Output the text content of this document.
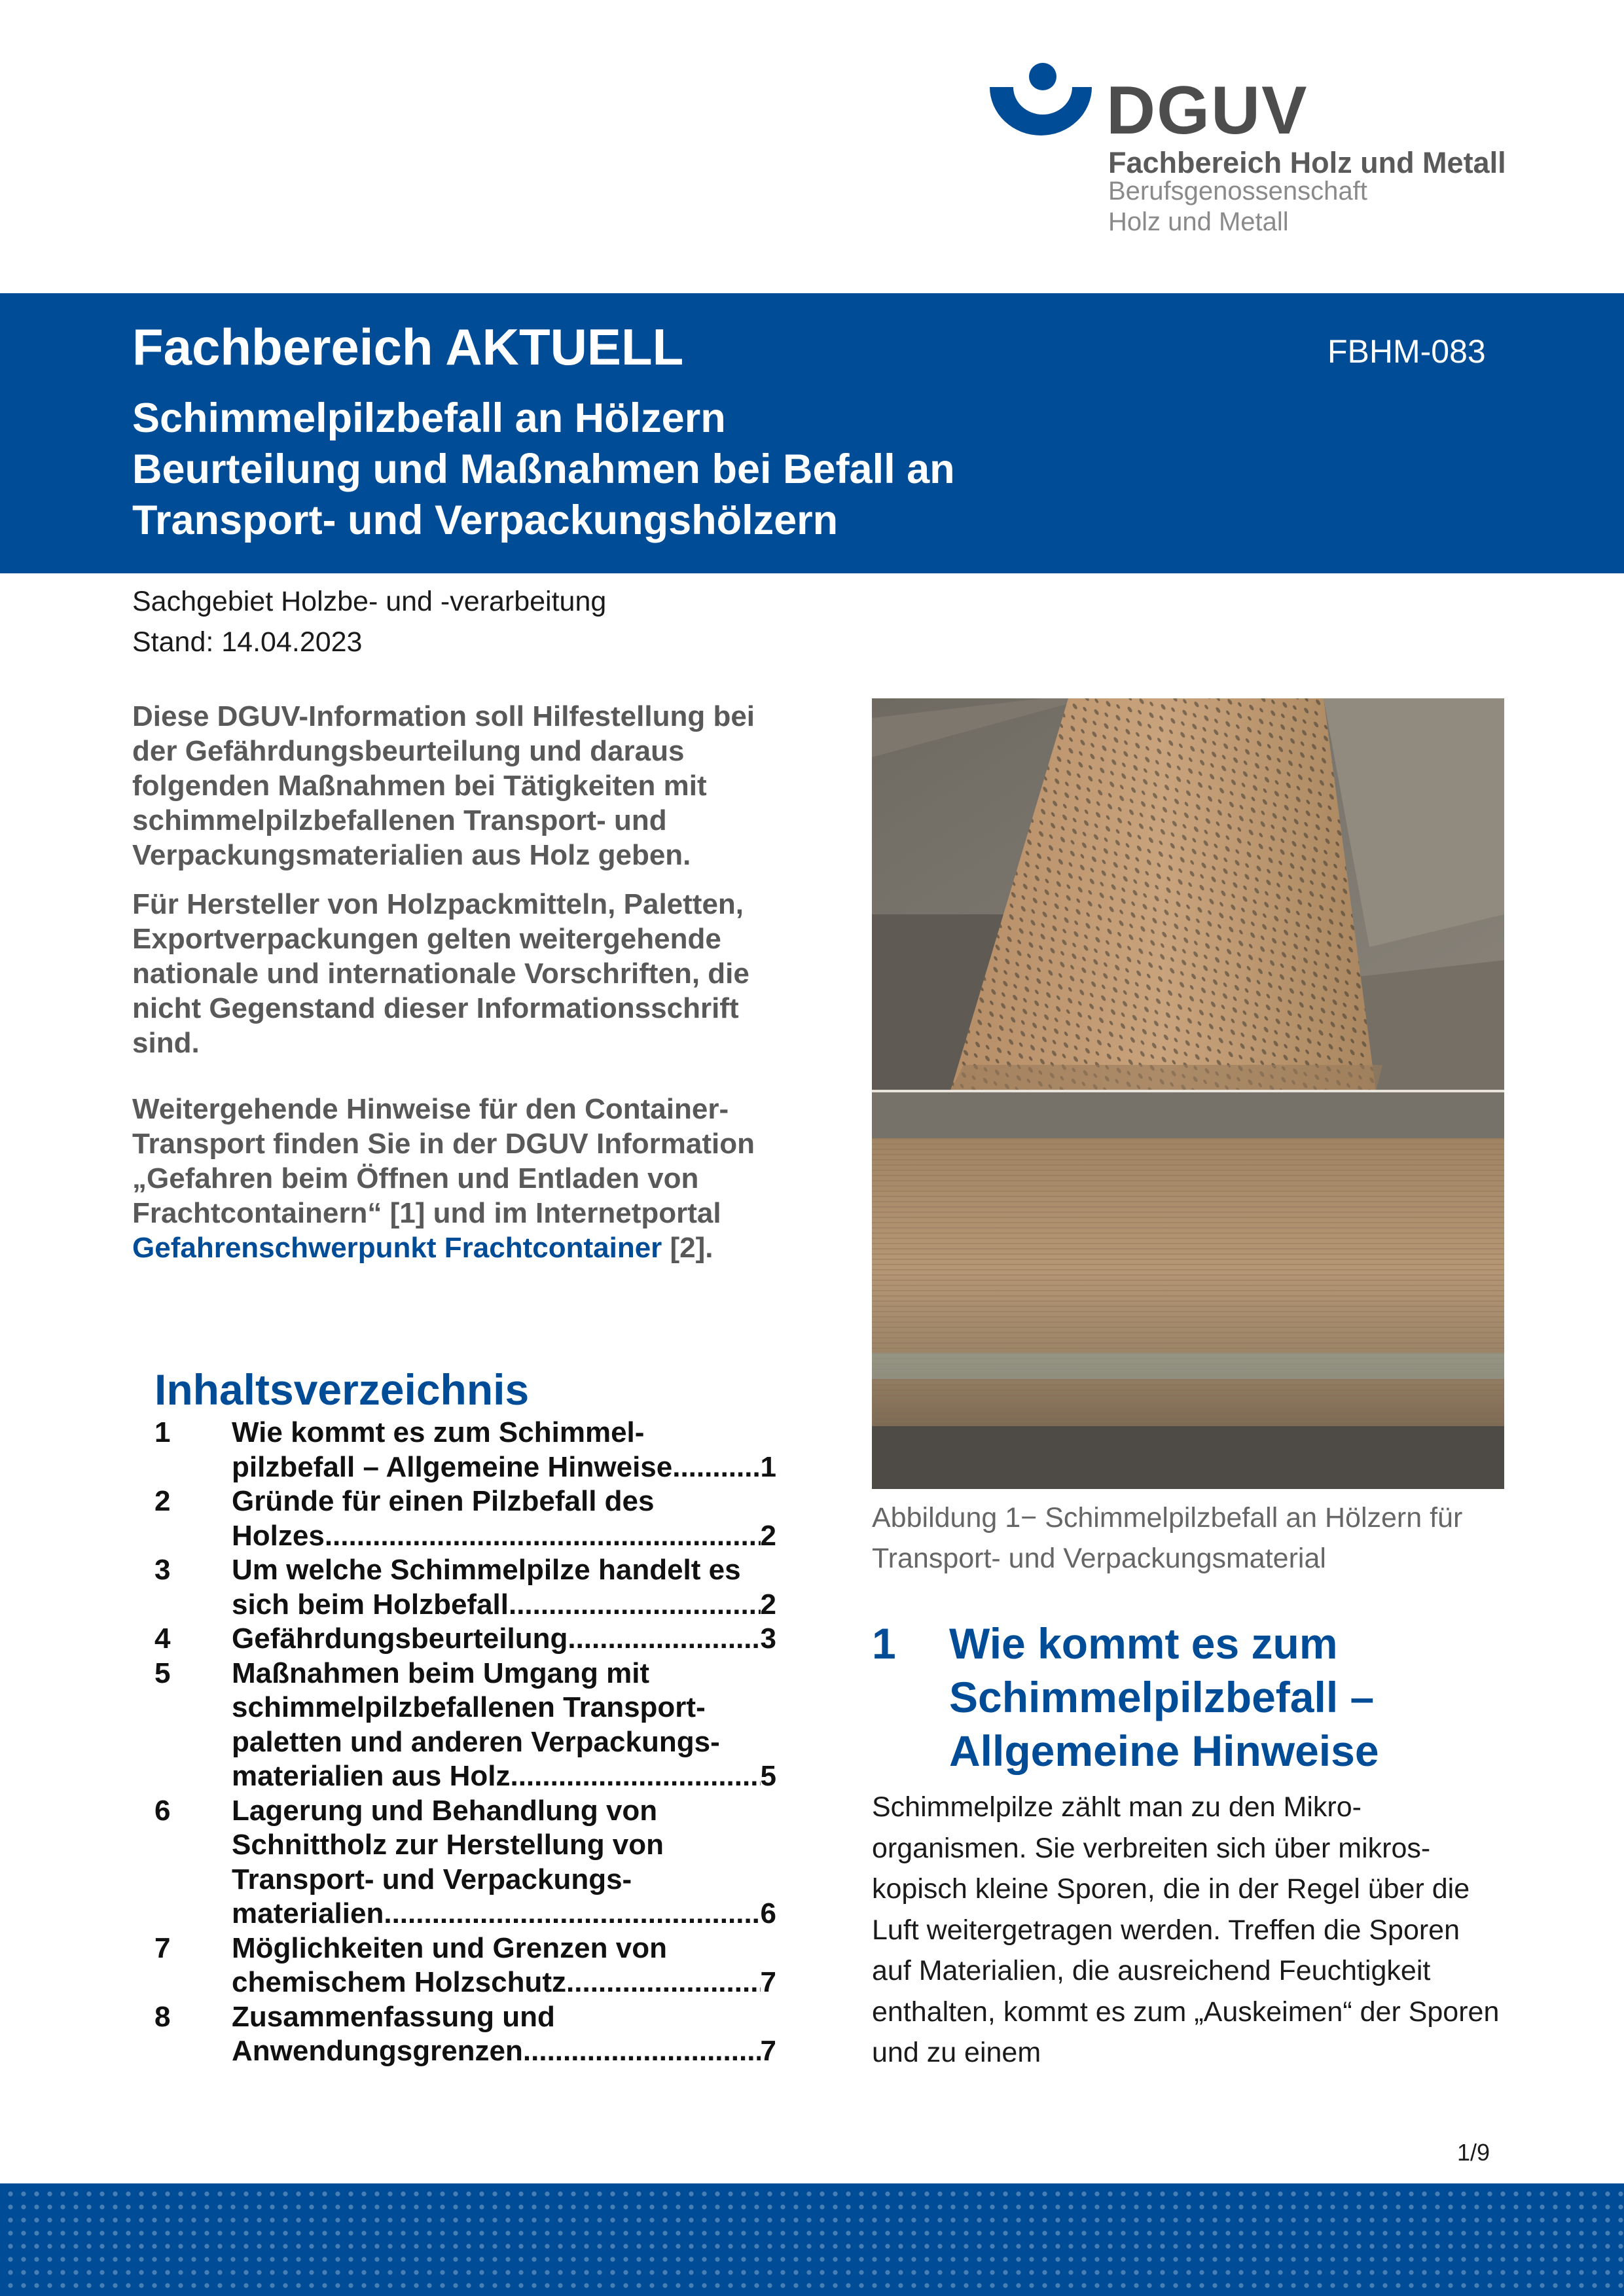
DGUV
Fachbereich Holz und Metall
Berufsgenossenschaft
Holz und Metall
Fachbereich AKTUELL	FBHM-083
Schimmelpilzbefall an Hölzern
Beurteilung und Maßnahmen bei Befall an
Transport- und Verpackungshölzern
Sachgebiet Holzbe- und -verarbeitung
Stand: 14.04.2023

Diese DGUV-Information soll Hilfestellung bei der Gefährdungsbeurteilung und daraus folgenden Maßnahmen bei Tätigkeiten mit schimmelpilzbefallenen Transport- und Verpackungsmaterialien aus Holz geben.

Für Hersteller von Holzpackmitteln, Paletten, Exportverpackungen gelten weitergehende nationale und internationale Vorschriften, die nicht Gegenstand dieser Informationsschrift sind.

Weitergehende Hinweise für den Container-Transport finden Sie in der DGUV Information „Gefahren beim Öffnen und Entladen von Frachtcontainern“ [1] und im Internetportal Gefahrenschwerpunkt Frachtcontainer [2].

Inhaltsverzeichnis
1 Wie kommt es zum Schimmel-
pilzbefall – Allgemeine Hinweise .....	1
2 Gründe für einen Pilzbefall des
Holzes .....	2
3 Um welche Schimmelpilze handelt es
sich beim Holzbefall .....	2
4 Gefährdungsbeurteilung .....	3
5 Maßnahmen beim Umgang mit
schimmelpilzbefallenen Transport-
paletten und anderen Verpackungs-
materialien aus Holz .....	5
6 Lagerung und Behandlung von
Schnittholz zur Herstellung von
Transport- und Verpackungs-
materialien .....	6
7 Möglichkeiten und Grenzen von
chemischem Holzschutz .....	7
8 Zusammenfassung und
Anwendungsgrenzen .....	7
Abbildung 1− Schimmelpilzbefall an Hölzern für Transport- und Verpackungsmaterial
1 Wie kommt es zum Schimmelpilzbefall – Allgemeine Hinweise
Schimmelpilze zählt man zu den Mikro-organismen. Sie verbreiten sich über mikros-kopisch kleine Sporen, die in der Regel über die Luft weitergetragen werden. Treffen die Sporen auf Materialien, die ausreichend Feuchtigkeit enthalten, kommt es zum „Auskeimen“ der Sporen und zu einem
1/9
